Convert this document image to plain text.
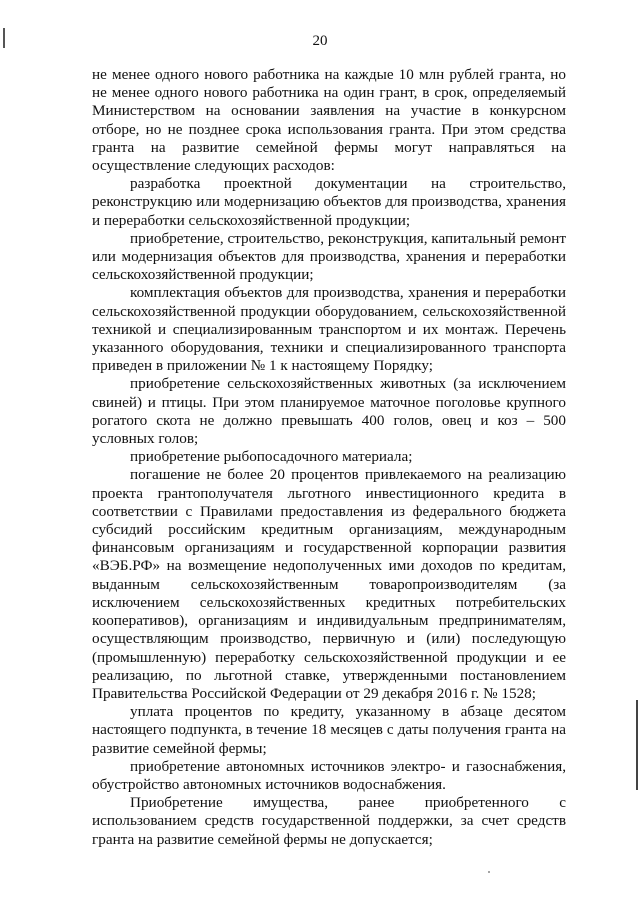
20

не менее одного нового работника на каждые 10 млн рублей гранта, но не менее одного нового работника на один грант, в срок, определяемый Министерством на основании заявления на участие в конкурсном отборе, но не позднее срока использования гранта. При этом средства гранта на развитие семейной фермы могут направляться на осуществление следующих расходов:

разработка проектной документации на строительство, реконструкцию или модернизацию объектов для производства, хранения и переработки сельскохозяйственной продукции;

приобретение, строительство, реконструкция, капитальный ремонт или модернизация объектов для производства, хранения и переработки сельскохозяйственной продукции;

комплектация объектов для производства, хранения и переработки сельскохозяйственной продукции оборудованием, сельскохозяйственной техникой и специализированным транспортом и их монтаж. Перечень указанного оборудования, техники и специализированного транспорта приведен в приложении № 1 к настоящему Порядку;

приобретение сельскохозяйственных животных (за исключением свиней) и птицы. При этом планируемое маточное поголовье крупного рогатого скота не должно превышать 400 голов, овец и коз – 500 условных голов;

приобретение рыбопосадочного материала;

погашение не более 20 процентов привлекаемого на реализацию проекта грантополучателя льготного инвестиционного кредита в соответствии с Правилами предоставления из федерального бюджета субсидий российским кредитным организациям, международным финансовым организациям и государственной корпорации развития «ВЭБ.РФ» на возмещение недополученных ими доходов по кредитам, выданным сельскохозяйственным товаропроизводителям (за исключением сельскохозяйственных кредитных потребительских кооперативов), организациям и индивидуальным предпринимателям, осуществляющим производство, первичную и (или) последующую (промышленную) переработку сельскохозяйственной продукции и ее реализацию, по льготной ставке, утвержденными постановлением Правительства Российской Федерации от 29 декабря 2016 г. № 1528;

уплата процентов по кредиту, указанному в абзаце десятом настоящего подпункта, в течение 18 месяцев с даты получения гранта на развитие семейной фермы;

приобретение автономных источников электро- и газоснабжения, обустройство автономных источников водоснабжения.

Приобретение имущества, ранее приобретенного с использованием средств государственной поддержки, за счет средств гранта на развитие семейной фермы не допускается;
